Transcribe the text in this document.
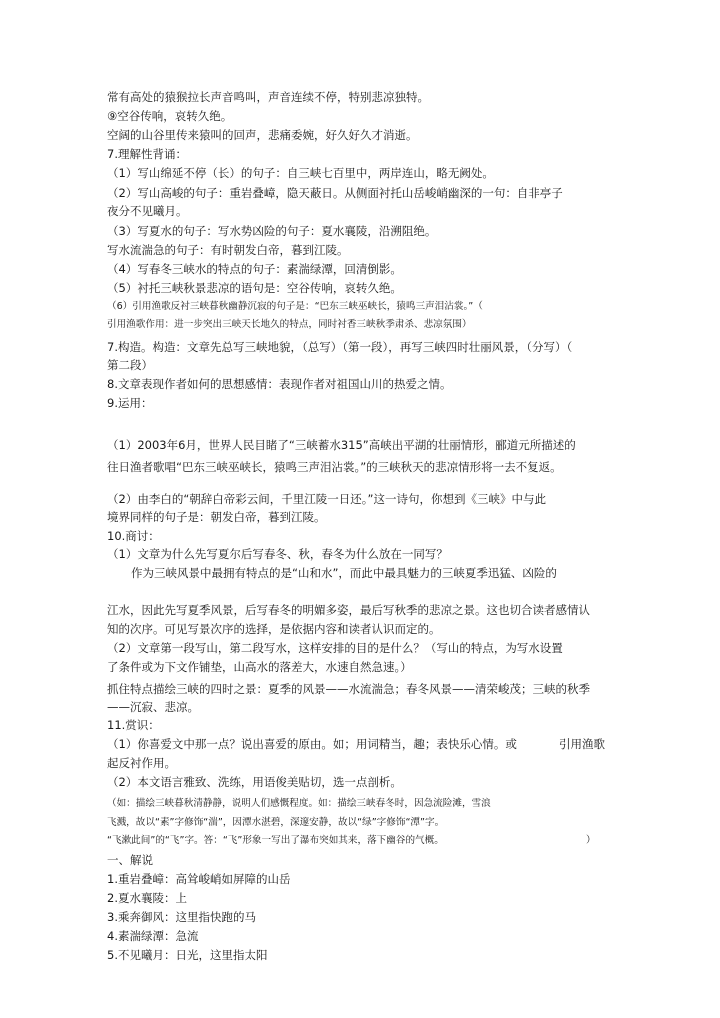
常有高处的猿猴拉长声音鸣叫，声音连续不停，特别悲凉独特。
⑨空谷传响，哀转久绝。
空阔的山谷里传来猿叫的回声，悲痛委婉，好久好久才消逝。
7.理解性背诵：
（1）写山绵延不停（长）的句子：自三峡七百里中，两岸连山，略无阙处。
（2）写山高峻的句子：重岩叠嶂，隐天蔽日。从侧面衬托山岳峻峭幽深的一句：自非亭子
夜分不见曦月。
（3）写夏水的句子：写水势凶险的句子：夏水襄陵，沿溯阻绝。
写水流湍急的句子：有时朝发白帝，暮到江陵。
（4）写春冬三峡水的特点的句子：素湍绿潭，回清倒影。
（5）衬托三峡秋景悲凉的语句是：空谷传响，哀转久绝。
（6）引用渔歌反衬三峡暮秋幽静沉寂的句子是：“巴东三峡巫峡长，猿鸣三声泪沾裳。”（
引用渔歌作用：进一步突出三峡天长地久的特点，同时衬香三峡秋季肃杀、悲凉氛围）
7.构造。构造：文章先总写三峡地貌，（总写）（第一段），再写三峡四时壮丽风景，（分写）（
第二段）
8.文章表现作者如何的思想感情：表现作者对祖国山川的热爱之情。
9.运用：
（1）2003年6月，世界人民目睹了“三峡蓄水315”高峡出平湖的壮丽情形，郦道元所描述的
往日渔者歌唱“巴东三峡巫峡长，猿鸣三声泪沾裳。”的三峡秋天的悲凉情形将一去不复返。
（2）由李白的“朝辞白帝彩云间，千里江陵一日还。”这一诗句，你想到《三峡》中与此
境界同样的句子是：朝发白帝，暮到江陵。
10.商讨：
（1）文章为什么先写夏尔后写春冬、秋，春冬为什么放在一同写？
作为三峡风景中最拥有特点的是“山和水”，而此中最具魅力的三峡夏季迅猛、凶险的
江水，因此先写夏季风景，后写春冬的明媚多姿，最后写秋季的悲凉之景。这也切合读者感情认
知的次序。可见写景次序的选择，是依据内容和读者认识而定的。
（2）文章第一段写山，第二段写水，这样安排的目的是什么？（写山的特点，为写水设置
了条件或为下文作铺垫，山高水的落差大，水速自然急速。）
抓住特点描绘三峡的四时之景：夏季的风景——水流湍急；春冬风景——清荣峻茂；三峡的秋季
——沉寂、悲凉。
11.赏识：
（1）你喜爱文中那一点？说出喜爱的原由。如；用词精当，趣；表快乐心情。或	引用渔歌
起反衬作用。
（2）本文语言雅致、洗练，用语俊美贴切，选一点剖析。
（如：描绘三峡暮秋清静静，说明人们感慨程度。如：描绘三峡春冬时，因急流险滩，雪浪
飞溅，故以“素”字修饰“湍”，因潭水湛碧，深邃安静，故以“绿”字修饰“潭”字。
“飞漱此间”的“飞”字。答：“飞”形象一写出了瀑布突如其来，落下幽谷的气概。	）
一、解说
1.重岩叠嶂：高耸峻峭如屏障的山岳
2.夏水襄陵：上
3.乘奔御风：这里指快跑的马
4.素湍绿潭：急流
5.不见曦月：日光，这里指太阳
